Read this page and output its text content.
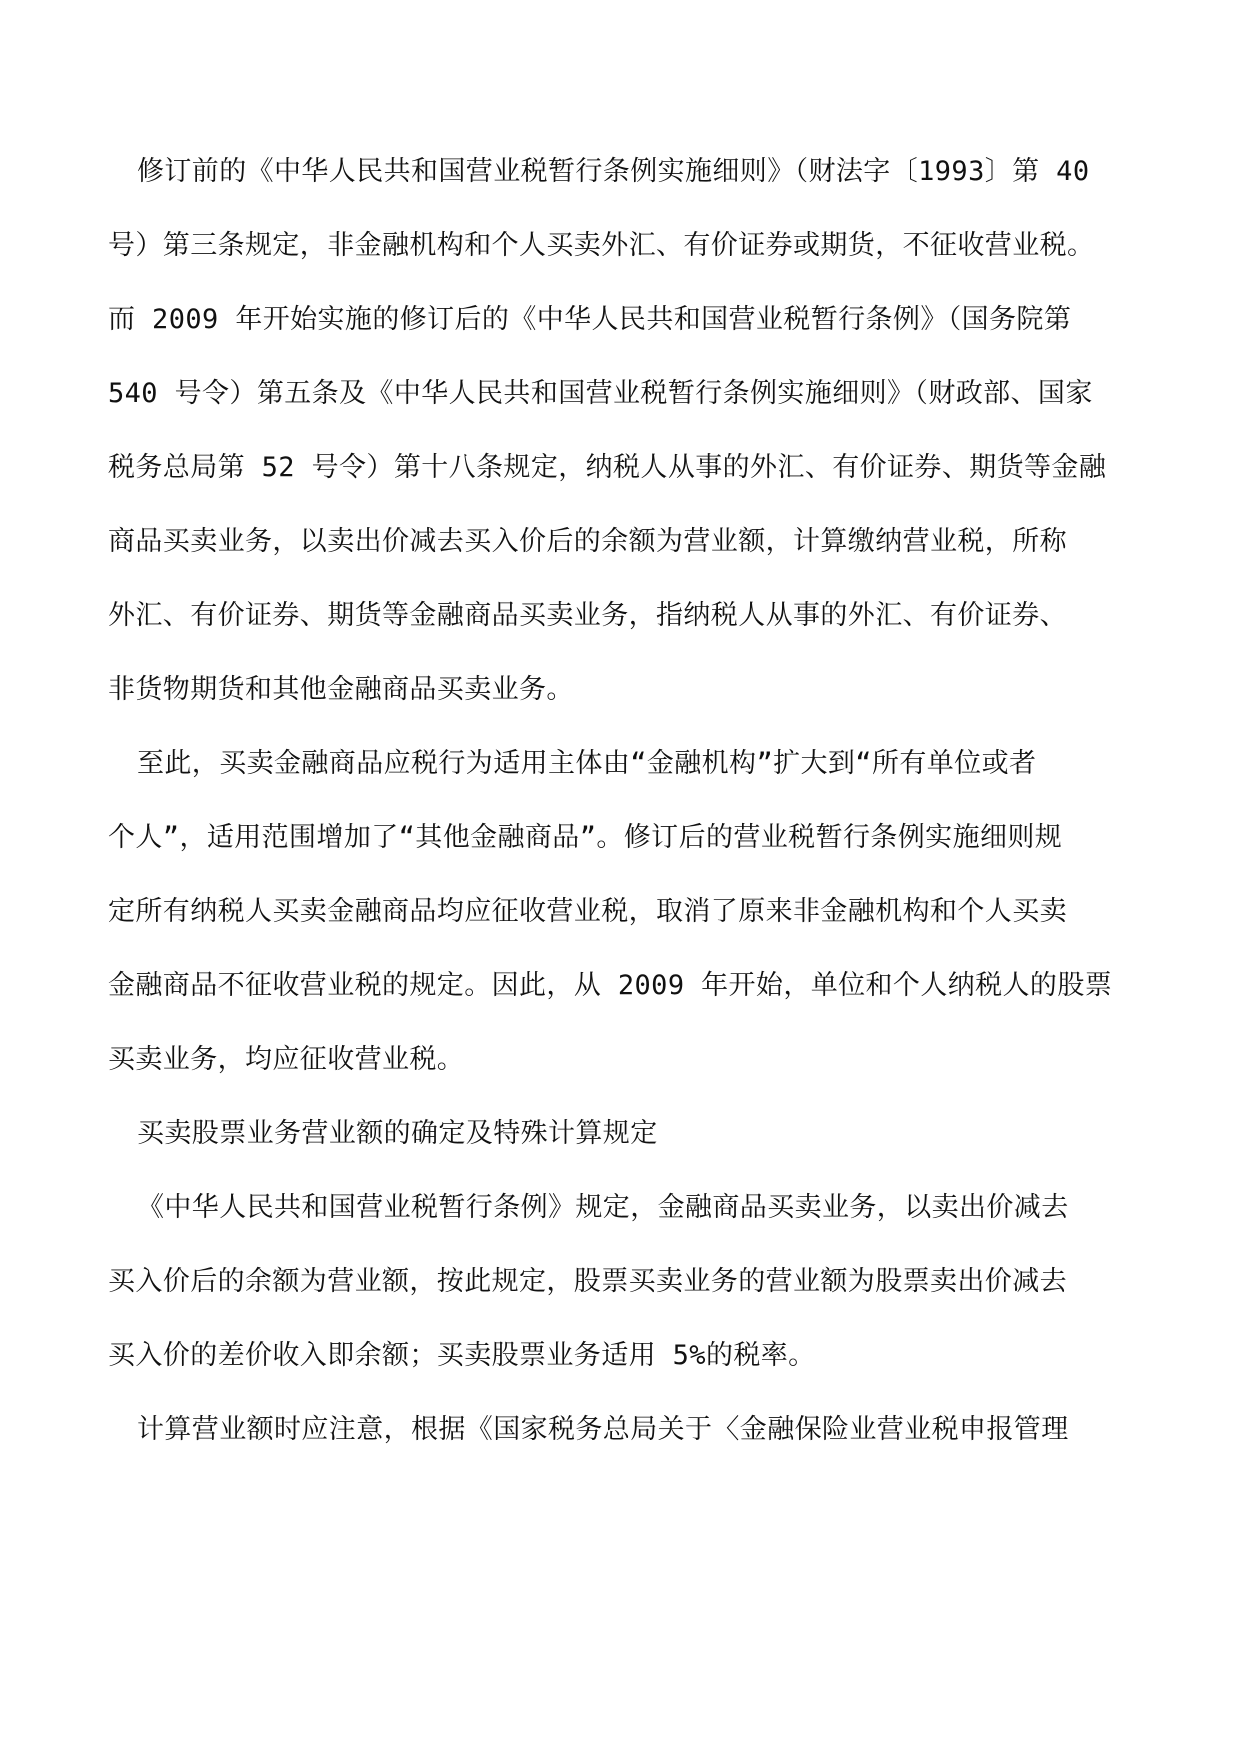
修订前的《中华人民共和国营业税暂行条例实施细则》（财法字〔1993〕第 40
号）第三条规定，非金融机构和个人买卖外汇、有价证券或期货，不征收营业税。
而 2009 年开始实施的修订后的《中华人民共和国营业税暂行条例》（国务院第
540 号令）第五条及《中华人民共和国营业税暂行条例实施细则》（财政部、国家
税务总局第 52 号令）第十八条规定，纳税人从事的外汇、有价证券、期货等金融
商品买卖业务，以卖出价减去买入价后的余额为营业额，计算缴纳营业税，所称
外汇、有价证券、期货等金融商品买卖业务，指纳税人从事的外汇、有价证券、
非货物期货和其他金融商品买卖业务。
至此，买卖金融商品应税行为适用主体由“金融机构”扩大到“所有单位或者
个人”，适用范围增加了“其他金融商品”。修订后的营业税暂行条例实施细则规
定所有纳税人买卖金融商品均应征收营业税，取消了原来非金融机构和个人买卖
金融商品不征收营业税的规定。因此，从 2009 年开始，单位和个人纳税人的股票
买卖业务，均应征收营业税。
买卖股票业务营业额的确定及特殊计算规定
《中华人民共和国营业税暂行条例》规定，金融商品买卖业务，以卖出价减去
买入价后的余额为营业额，按此规定，股票买卖业务的营业额为股票卖出价减去
买入价的差价收入即余额；买卖股票业务适用 5%的税率。
计算营业额时应注意，根据《国家税务总局关于〈金融保险业营业税申报管理
